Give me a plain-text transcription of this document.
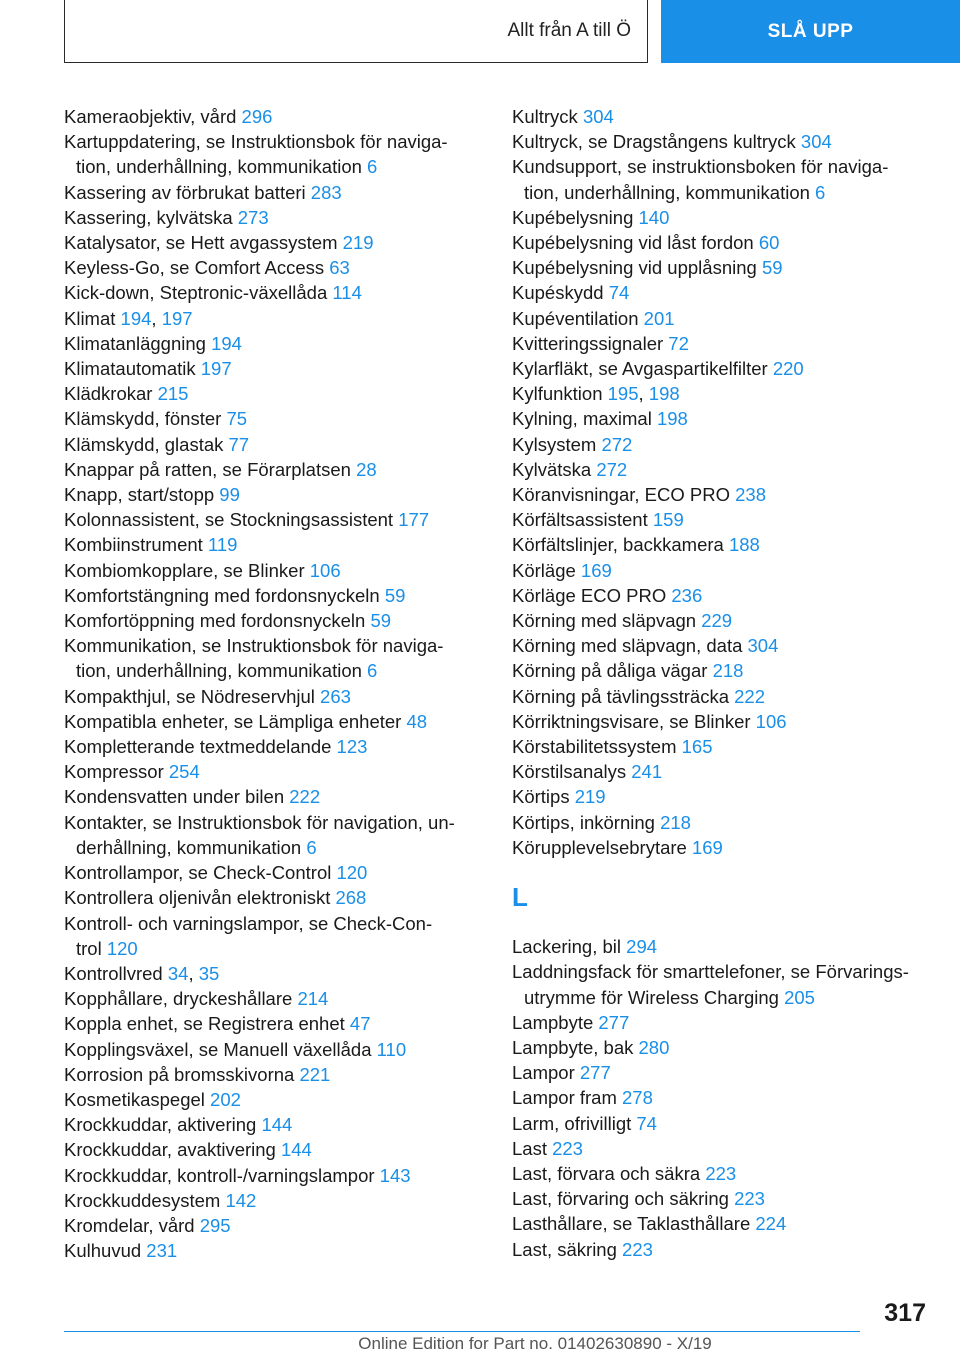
Allt från A till Ö	SLÅ UPP
Kameraobjektiv, vård 296
Kartuppdatering, se Instruktionsbok för naviga-
tion, underhållning, kommunikation 6
Kassering av förbrukat batteri 283
Kassering, kylvätska 273
Katalysator, se Hett avgassystem 219
Keyless-Go, se Comfort Access 63
Kick-down, Steptronic-växellåda 114
Klimat 194, 197
Klimatanläggning 194
Klimatautomatik 197
Klädkrokar 215
Klämskydd, fönster 75
Klämskydd, glastak 77
Knappar på ratten, se Förarplatsen 28
Knapp, start/stopp 99
Kolonnassistent, se Stockningsassistent 177
Kombiinstrument 119
Kombiomkopplare, se Blinker 106
Komfortstängning med fordonsnyckeln 59
Komfortöppning med fordonsnyckeln 59
Kommunikation, se Instruktionsbok för naviga-
tion, underhållning, kommunikation 6
Kompakthjul, se Nödreservhjul 263
Kompatibla enheter, se Lämpliga enheter 48
Kompletterande textmeddelande 123
Kompressor 254
Kondensvatten under bilen 222
Kontakter, se Instruktionsbok för navigation, un-
derhållning, kommunikation 6
Kontrollampor, se Check-Control 120
Kontrollera oljenivån elektroniskt 268
Kontroll- och varningslampor, se Check-Con-
trol 120
Kontrollvred 34, 35
Kopphållare, dryckeshållare 214
Koppla enhet, se Registrera enhet 47
Kopplingsväxel, se Manuell växellåda 110
Korrosion på bromsskivorna 221
Kosmetikaspegel 202
Krockkuddar, aktivering 144
Krockkuddar, avaktivering 144
Krockkuddar, kontroll-/varningslampor 143
Krockkuddesystem 142
Kromdelar, vård 295
Kulhuvud 231
Kultryck 304
Kultryck, se Dragstångens kultryck 304
Kundsupport, se instruktionsboken för naviga-
tion, underhållning, kommunikation 6
Kupébelysning 140
Kupébelysning vid låst fordon 60
Kupébelysning vid upplåsning 59
Kupéskydd 74
Kupéventilation 201
Kvitteringssignaler 72
Kylarfläkt, se Avgaspartikelfilter 220
Kylfunktion 195, 198
Kylning, maximal 198
Kylsystem 272
Kylvätska 272
Köranvisningar, ECO PRO 238
Körfältsassistent 159
Körfältslinjer, backkamera 188
Körläge 169
Körläge ECO PRO 236
Körning med släpvagn 229
Körning med släpvagn, data 304
Körning på dåliga vägar 218
Körning på tävlingssträcka 222
Körriktningsvisare, se Blinker 106
Körstabilitetssystem 165
Körstilsanalys 241
Körtips 219
Körtips, inkörning 218
Körupplevelsebrytare 169
L
Lackering, bil 294
Laddningsfack för smarttelefoner, se Förvarings-
utrymme för Wireless Charging 205
Lampbyte 277
Lampbyte, bak 280
Lampor 277
Lampor fram 278
Larm, ofrivilligt 74
Last 223
Last, förvara och säkra 223
Last, förvaring och säkring 223
Lasthållare, se Taklasthållare 224
Last, säkring 223
317
Online Edition for Part no. 01402630890 - X/19
